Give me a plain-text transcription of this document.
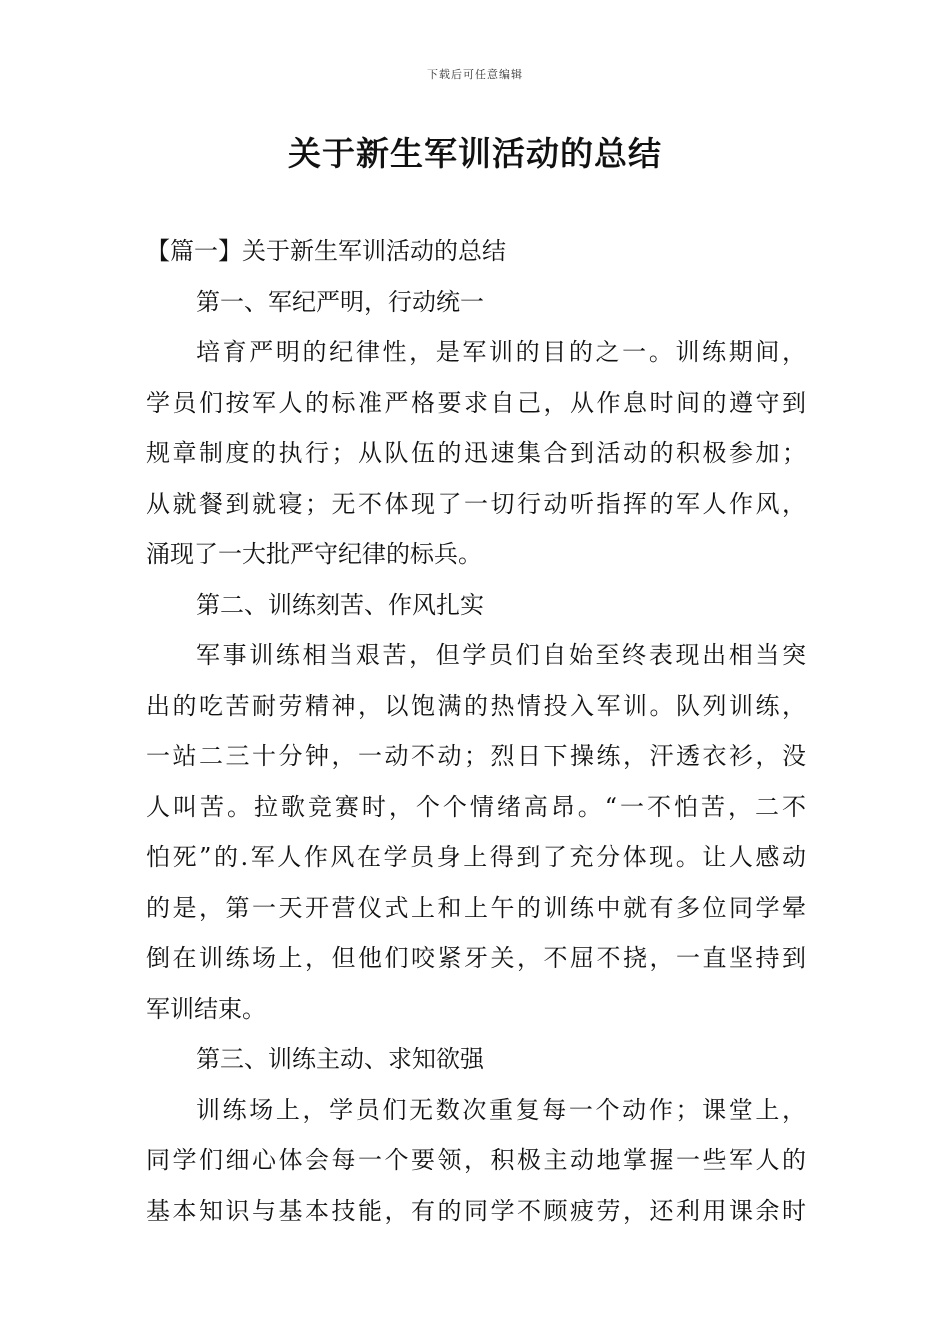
下载后可任意编辑
关于新生军训活动的总结
【篇一】关于新生军训活动的总结
第一、军纪严明，行动统一
培育严明的纪律性，是军训的目的之一。训练期间，
学员们按军人的标准严格要求自己，从作息时间的遵守到
规章制度的执行；从队伍的迅速集合到活动的积极参加；
从就餐到就寝；无不体现了一切行动听指挥的军人作风，
涌现了一大批严守纪律的标兵。
第二、训练刻苦、作风扎实
军事训练相当艰苦，但学员们自始至终表现出相当突
出的吃苦耐劳精神，以饱满的热情投入军训。队列训练，
一站二三十分钟，一动不动；烈日下操练，汗透衣衫，没
人叫苦。拉歌竞赛时，个个情绪高昂。“一不怕苦，二不
怕死”的.军人作风在学员身上得到了充分体现。让人感动
的是，第一天开营仪式上和上午的训练中就有多位同学晕
倒在训练场上，但他们咬紧牙关，不屈不挠，一直坚持到
军训结束。
第三、训练主动、求知欲强
训练场上，学员们无数次重复每一个动作；课堂上，
同学们细心体会每一个要领，积极主动地掌握一些军人的
基本知识与基本技能，有的同学不顾疲劳，还利用课余时
